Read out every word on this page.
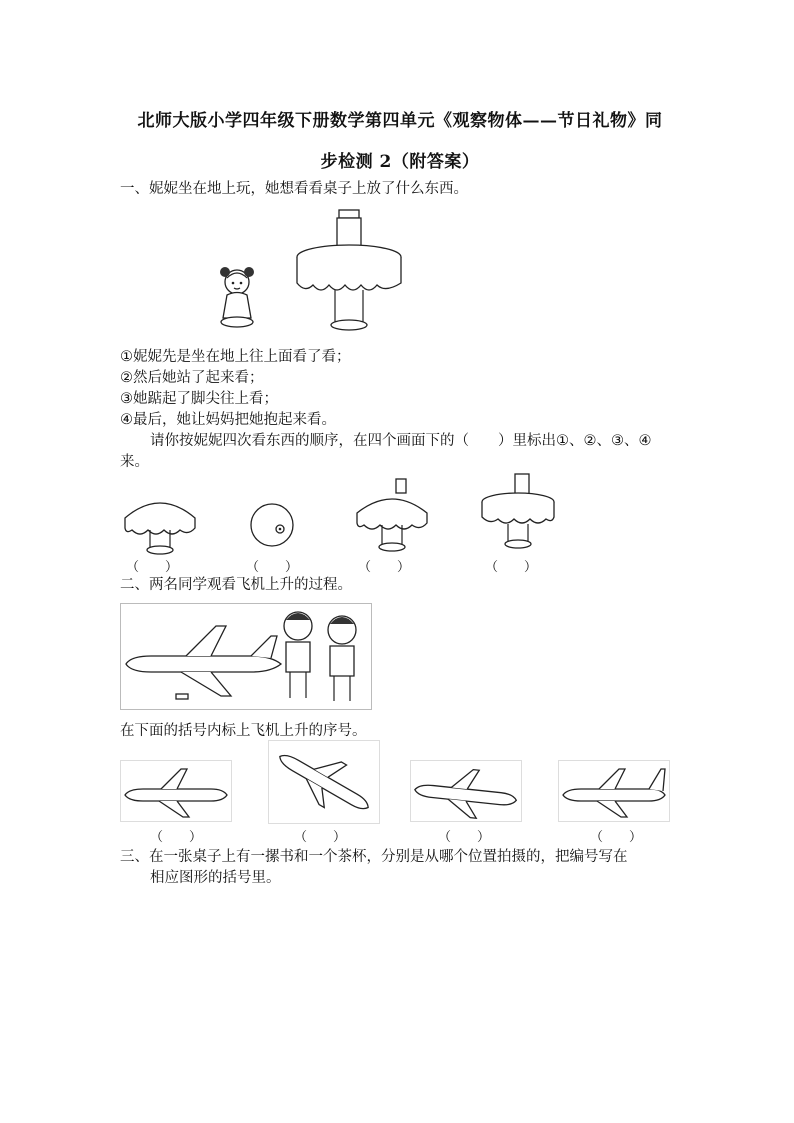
北师大版小学四年级下册数学第四单元《观察物体——节日礼物》同
步检测 2（附答案）
一、妮妮坐在地上玩，她想看看桌子上放了什么东西。
①妮妮先是坐在地上往上面看了看；
②然后她站了起来看；
③她踮起了脚尖往上看；
④最后，她让妈妈把她抱起来看。
请你按妮妮四次看东西的顺序，在四个画面下的（　　）里标出①、②、③、④
来。
（　　）	（　　）	（　　）	（　　）
二、两名同学观看飞机上升的过程。
在下面的括号内标上飞机上升的序号。
（　　）	（　　）	（　　）	（　　）
三、在一张桌子上有一摞书和一个茶杯，分别是从哪个位置拍摄的，把编号写在
相应图形的括号里。
